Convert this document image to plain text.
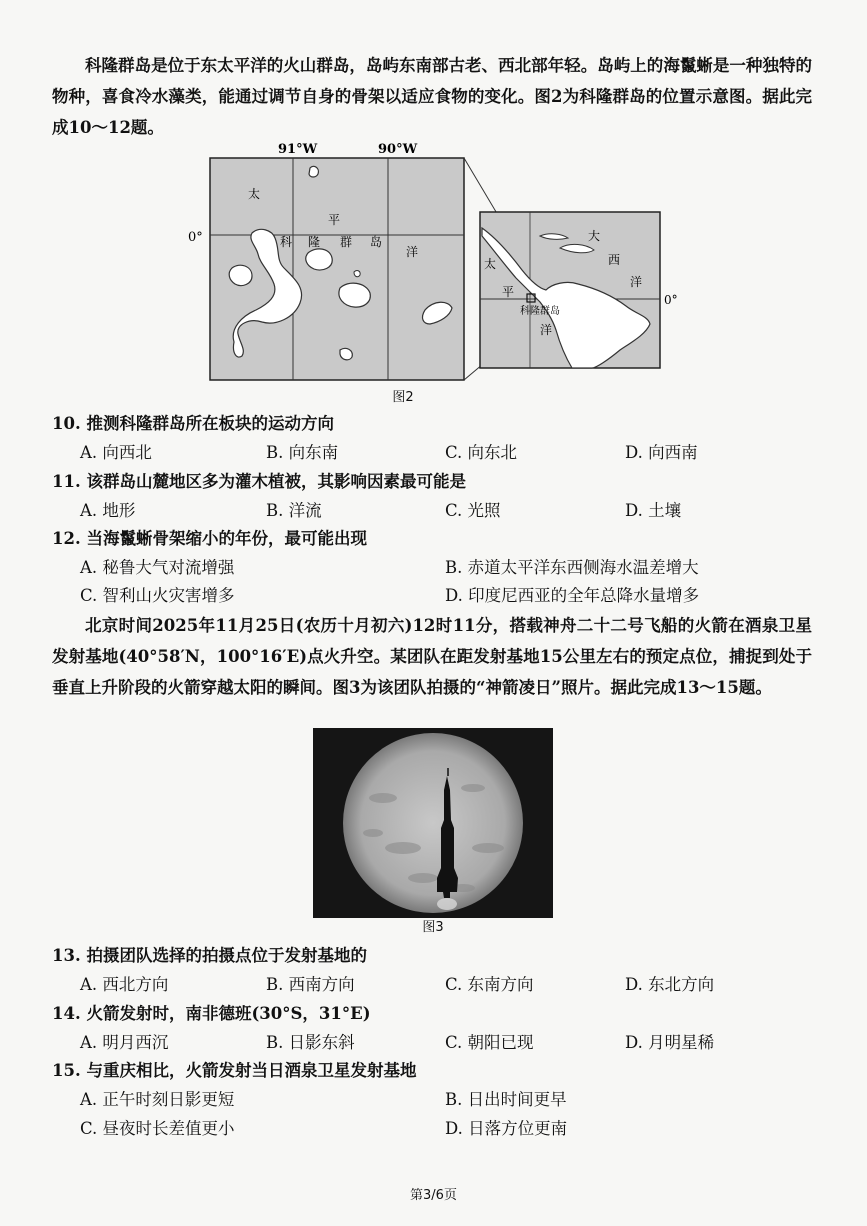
科隆群岛是位于东太平洋的火山群岛，岛屿东南部古老、西北部年轻。岛屿上的海鬣蜥是一种独特的物种，喜食冷水藻类，能通过调节自身的骨架以适应食物的变化。图2为科隆群岛的位置示意图。据此完成10～12题。

91°W	90°W
0°
太
平
洋
科 隆 群 岛	大
西
洋
太
平
洋
科隆群岛
0°
图2

10. 推测科隆群岛所在板块的运动方向

A. 向西北	B. 向东南	C. 向东北	D. 向西南

11. 该群岛山麓地区多为灌木植被，其影响因素最可能是

A. 地形	B. 洋流	C. 光照	D. 土壤

12. 当海鬣蜥骨架缩小的年份，最可能出现

A. 秘鲁大气对流增强	B. 赤道太平洋东西侧海水温差增大
C. 智利山火灾害增多	D. 印度尼西亚的全年总降水量增多

北京时间2025年11月25日(农历十月初六)12时11分，搭载神舟二十二号飞船的火箭在酒泉卫星发射基地(40°58′N，100°16′E)点火升空。某团队在距发射基地15公里左右的预定点位，捕捉到处于垂直上升阶段的火箭穿越太阳的瞬间。图3为该团队拍摄的“神箭凌日”照片。据此完成13～15题。

图3

13. 拍摄团队选择的拍摄点位于发射基地的

A. 西北方向	B. 西南方向	C. 东南方向	D. 东北方向

14. 火箭发射时，南非德班(30°S，31°E)

A. 明月西沉	B. 日影东斜	C. 朝阳已现	D. 月明星稀

15. 与重庆相比，火箭发射当日酒泉卫星发射基地

A. 正午时刻日影更短	B. 日出时间更早
C. 昼夜时长差值更小	D. 日落方位更南
第3/6页
